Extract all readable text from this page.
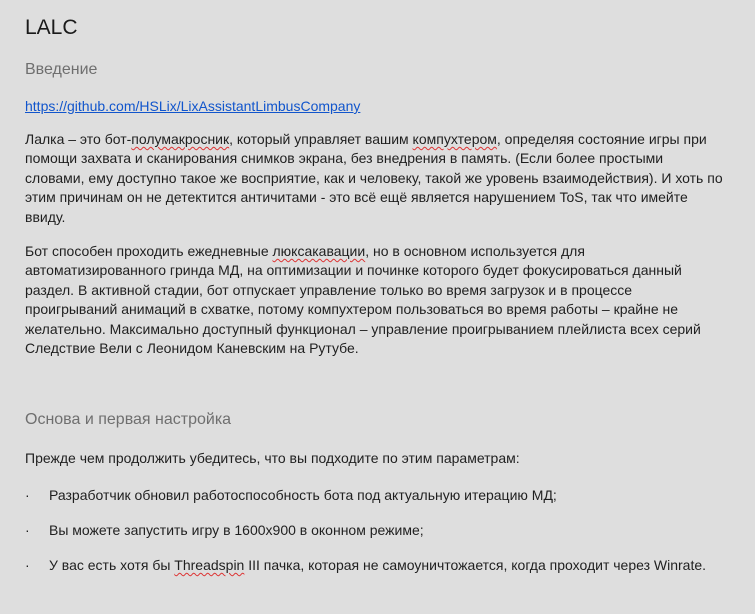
LALC
Введение
https://github.com/HSLix/LixAssistantLimbusCompany

Лалка – это бот-полумакросник, который управляет вашим компухтером, определяя состояние игры при помощи захвата и сканирования снимков экрана, без внедрения в память. (Если более простыми словами, ему доступно такое же восприятие, как и человеку, такой же уровень взаимодействия). И хоть по этим причинам он не детектится античитами - это всё ещё является нарушением ToS, так что имейте ввиду.

Бот способен проходить ежедневные люксакавации, но в основном используется для автоматизированного гринда МД, на оптимизации и починке которого будет фокусироваться данный раздел. В активной стадии, бот отпускает управление только во время загрузок и в процессе проигрываний анимаций в схватке, потому компухтером пользоваться во время работы – крайне не желательно. Максимально доступный функционал – управление проигрыванием плейлиста всех серий Следствие Вели с Леонидом Каневским на Рутубе.

Основа и первая настройка

Прежде чем продолжить убедитесь, что вы подходите по этим параметрам:

· Разработчик обновил работоспособность бота под актуальную итерацию МД;
· Вы можете запустить игру в 1600x900 в оконном режиме;
· У вас есть хотя бы Threadspin III пачка, которая не самоуничтожается, когда проходит через Winrate.
